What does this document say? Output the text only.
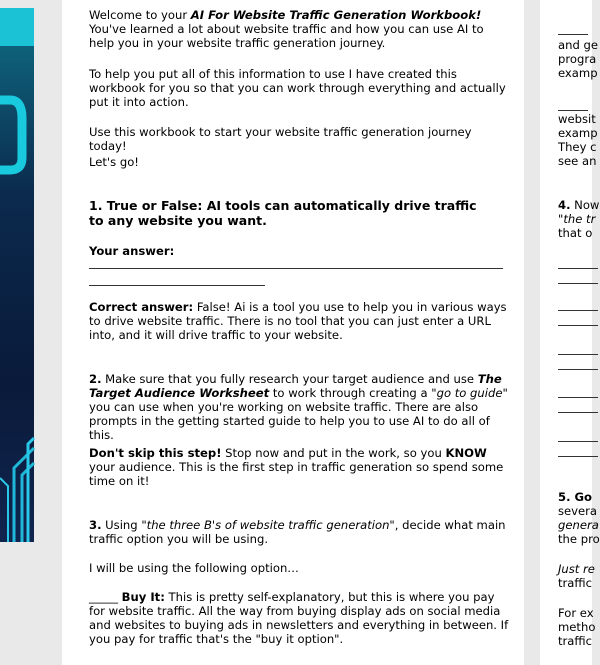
Welcome to your AI For Website Traffic Generation Workbook! You've learned a lot about website traffic and how you can use AI to help you in your website traffic generation journey.

To help you put all of this information to use I have created this workbook for you so that you can work through everything and actually put it into action.

Use this workbook to start your website traffic generation journey today!

Let's go!

1. True or False: AI tools can automatically drive traffic to any website you want.

Your answer:

Correct answer: False! Ai is a tool you use to help you in various ways to drive website traffic. There is no tool that you can just enter a URL into, and it will drive traffic to your website.

2. Make sure that you fully research your target audience and use The Target Audience Worksheet to work through creating a "go to guide" you can use when you're working on website traffic. There are also prompts in the getting started guide to help you to use AI to do all of this.

Don't skip this step! Stop now and put in the work, so you KNOW your audience. This is the first step in traffic generation so spend some time on it!

3. Using "the three B's of website traffic generation", decide what main traffic option you will be using.

I will be using the following option…

_____ Buy It: This is pretty self-explanatory, but this is where you pay for website traffic. All the way from buying display ads on social media and websites to buying ads in newsletters and everything in between. If you pay for traffic that's the "buy it option".

and ge
progra
examp
websit
examp
They c
see an
4. Now
"the tr
that o
5. Go
severa
genera
the pro
Just re
traffic
For ex
metho
traffic
